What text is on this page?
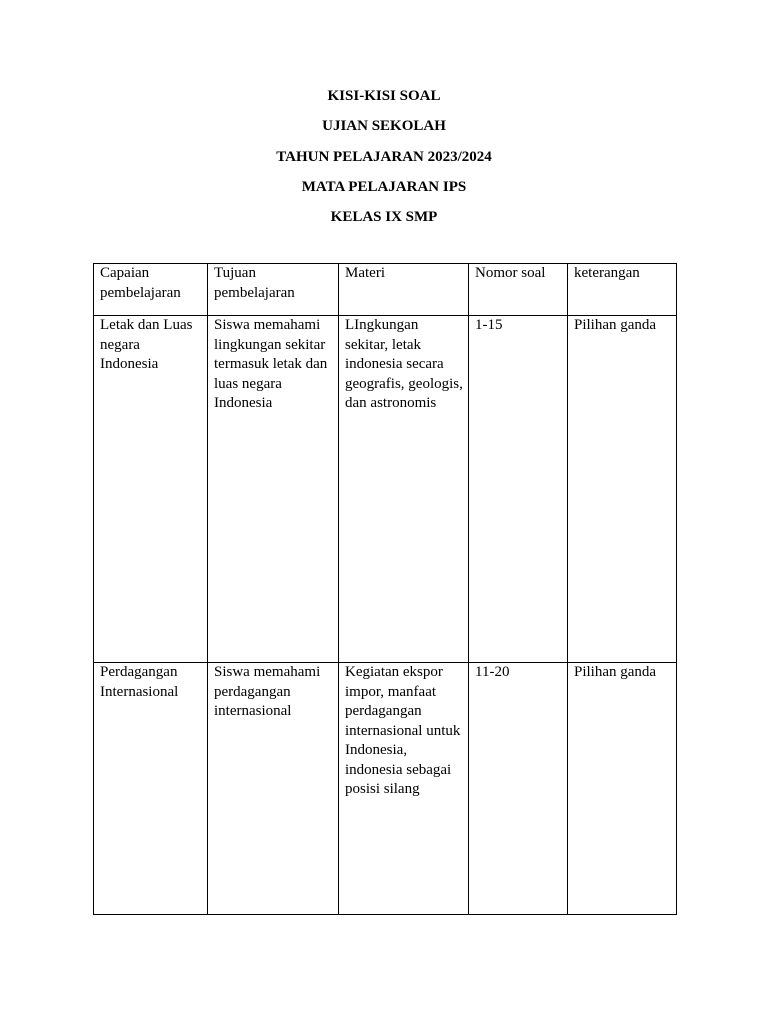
KISI-KISI SOAL
UJIAN SEKOLAH
TAHUN PELAJARAN 2023/2024
MATA PELAJARAN IPS
KELAS IX SMP
Capaian pembelajaran	Tujuan pembelajaran	Materi	Nomor soal	keterangan

Letak dan Luas negara Indonesia	Siswa memahami lingkungan sekitar termasuk letak dan luas negara Indonesia	LIngkungan sekitar, letak indonesia secara geografis, geologis, dan astronomis	1-15	Pilihan ganda

Perdagangan Internasional	Siswa memahami perdagangan internasional	Kegiatan ekspor impor, manfaat perdagangan internasional untuk Indonesia, indonesia sebagai posisi silang	11-20	Pilihan ganda
